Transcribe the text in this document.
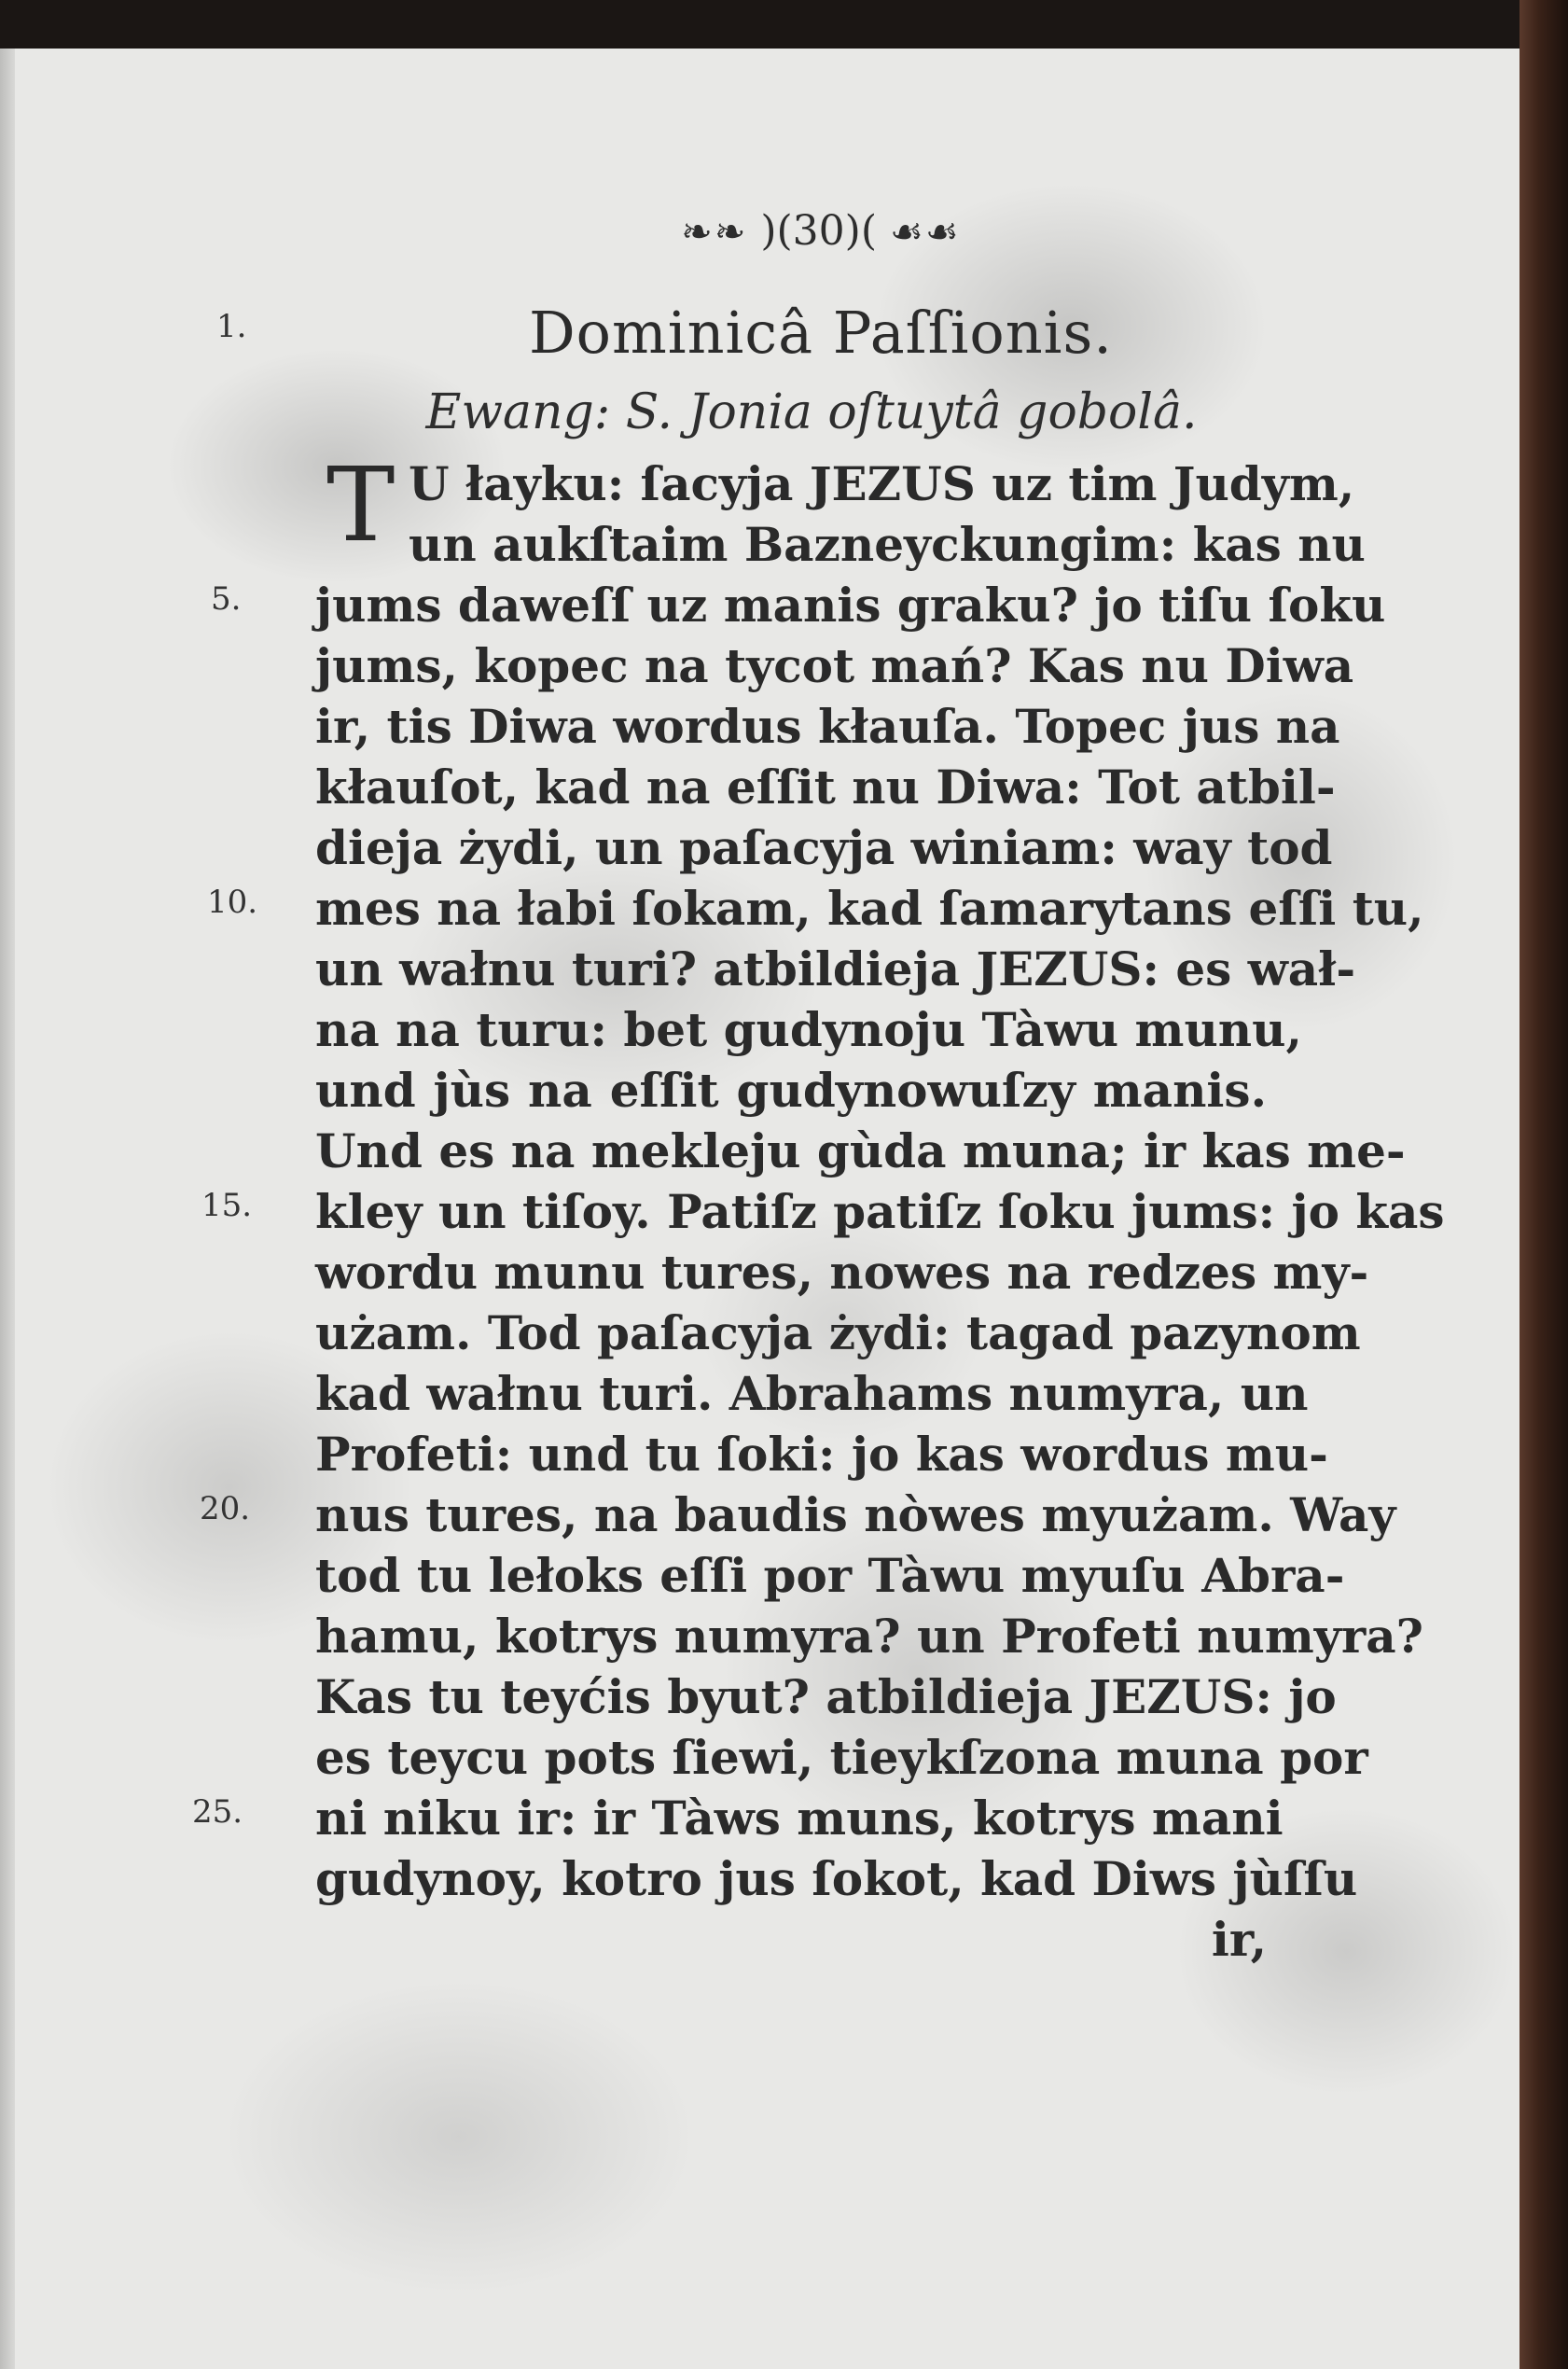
❧❧ )(30)( ☙☙
1.
5.
10.
15.
20.
25.
Dominicâ Paſſionis.
Ewang: S. Jonia oſtuytâ gobolâ.
T U łayku: ſacyja JEZUS uz tim Judym,
un aukſtaim Bazneyckungim: kas nu
jums daweſſ uz manis graku? jo tiſu ſoku
jums, kopec na tycot mań? Kas nu Diwa
ir, tis Diwa wordus kłauſa. Topec jus na
kłauſot, kad na eſſit nu Diwa: Tot atbil-
dieja żydi, un paſacyja winiam: way tod
mes na łabi ſokam, kad ſamarytans eſſi tu,
un wałnu turi? atbildieja JEZUS: es wał-
na na turu: bet gudynoju Tàwu munu,
und jùs na eſſit gudynowuſzy manis.
Und es na mekleju gùda muna; ir kas me-
kley un tiſoy. Patiſz patiſz ſoku jums: jo kas
wordu munu tures, nowes na redzes my-
użam. Tod paſacyja żydi: tagad pazynom
kad wałnu turi. Abrahams numyra, un
Profeti: und tu ſoki: jo kas wordus mu-
nus tures, na baudis nòwes myużam. Way
tod tu lełoks eſſi por Tàwu myuſu Abra-
hamu, kotrys numyra? un Profeti numyra?
Kas tu teyćis byut? atbildieja JEZUS: jo
es teycu pots ſiewi, tieykſzona muna por
ni niku ir: ir Tàws muns, kotrys mani
gudynoy, kotro jus ſokot, kad Diws jùſſu
ir,
